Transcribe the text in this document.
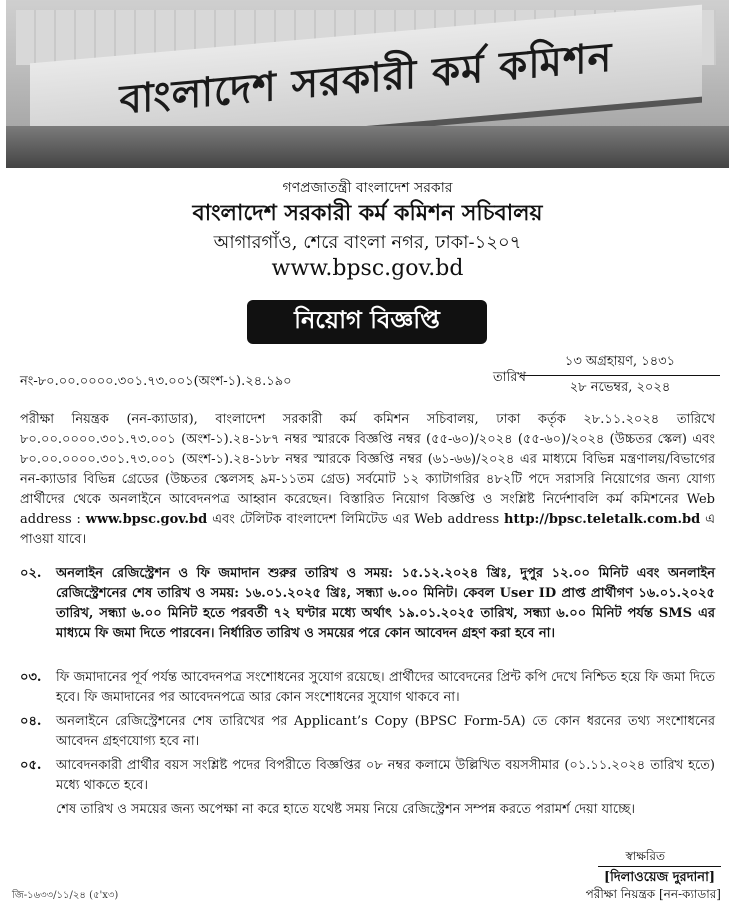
বাংলাদেশ সরকারী কর্ম কমিশন
গণপ্রজাতন্ত্রী বাংলাদেশ সরকার
বাংলাদেশ সরকারী কর্ম কমিশন সচিবালয়
আগারগাঁও, শেরে বাংলা নগর, ঢাকা-১২০৭
www.bpsc.gov.bd
নিয়োগ বিজ্ঞপ্তি
নং-৮০.০০.০০০০.৩০১.৭৩.০০১(অংশ-১).২৪.১৯০	তারিখ
১৩ অগ্রহায়ণ, ১৪৩১
২৮ নভেম্বর, ২০২৪
পরীক্ষা নিয়ন্ত্রক (নন-ক্যাডার), বাংলাদেশ সরকারী কর্ম কমিশন সচিবালয়, ঢাকা কর্তৃক ২৮.১১.২০২৪ তারিখে ৮০.০০.০০০০.৩০১.৭৩.০০১ (অংশ-১).২৪-১৮৭ নম্বর স্মারকে বিজ্ঞপ্তি নম্বর (৫৫-৬০)/২০২৪ (৫৫-৬০)/২০২৪ (উচ্চতর স্কেল) এবং ৮০.০০.০০০০.৩০১.৭৩.০০১ (অংশ-১).২৪-১৮৮ নম্বর স্মারকে বিজ্ঞপ্তি নম্বর (৬১-৬৬)/২০২৪ এর মাধ্যমে বিভিন্ন মন্ত্রণালয়/বিভাগের নন-ক্যাডার বিভিন্ন গ্রেডের (উচ্চতর স্কেলসহ ৯ম-১১তম গ্রেড) সর্বমোট ১২ ক্যাটাগরির ৪৮২টি পদে সরাসরি নিয়োগের জন্য যোগ্য প্রার্থীদের থেকে অনলাইনে আবেদনপত্র আহ্বান করেছেন। বিস্তারিত নিয়োগ বিজ্ঞপ্তি ও সংশ্লিষ্ট নির্দেশাবলি কর্ম কমিশনের Web address : www.bpsc.gov.bd এবং টেলিটক বাংলাদেশ লিমিটেড এর Web address http://bpsc.teletalk.com.bd এ পাওয়া যাবে।
০২.	অনলাইন রেজিস্ট্রেশন ও ফি জমাদান শুরুর তারিখ ও সময়: ১৫.১২.২০২৪ খ্রিঃ, দুপুর ১২.০০ মিনিট এবং অনলাইন রেজিস্ট্রেশনের শেষ তারিখ ও সময়: ১৬.০১.২০২৫ খ্রিঃ, সন্ধ্যা ৬.০০ মিনিট। কেবল User ID প্রাপ্ত প্রার্থীগণ ১৬.০১.২০২৫ তারিখ, সন্ধ্যা ৬.০০ মিনিট হতে পরবর্তী ৭২ ঘণ্টার মধ্যে অর্থাৎ ১৯.০১.২০২৫ তারিখ, সন্ধ্যা ৬.০০ মিনিট পর্যন্ত SMS এর মাধ্যমে ফি জমা দিতে পারবেন। নির্ধারিত তারিখ ও সময়ের পরে কোন আবেদন গ্রহণ করা হবে না।
০৩.	ফি জমাদানের পূর্ব পর্যন্ত আবেদনপত্র সংশোধনের সুযোগ রয়েছে। প্রার্থীদের আবেদনের প্রিন্ট কপি দেখে নিশ্চিত হয়ে ফি জমা দিতে হবে। ফি জমাদানের পর আবেদনপত্রে আর কোন সংশোধনের সুযোগ থাকবে না।
০৪.	অনলাইনে রেজিস্ট্রেশনের শেষ তারিখের পর Applicant’s Copy (BPSC Form-5A) তে কোন ধরনের তথ্য সংশোধনের আবেদন গ্রহণযোগ্য হবে না।
০৫.	আবেদনকারী প্রার্থীর বয়স সংশ্লিষ্ট পদের বিপরীতে বিজ্ঞপ্তির ০৮ নম্বর কলামে উল্লিখিত বয়সসীমার (০১.১১.২০২৪ তারিখ হতে) মধ্যে থাকতে হবে।
শেষ তারিখ ও সময়ের জন্য অপেক্ষা না করে হাতে যথেষ্ট সময় নিয়ে রেজিস্ট্রেশন সম্পন্ন করতে পরামর্শ দেয়া যাচ্ছে।
স্বাক্ষরিত
[দিলাওয়েজ দুরদানা]
পরীক্ষা নিয়ন্ত্রক [নন-ক্যাডার]
জি-১৬৩৩/১১/২৪ (৫'x৩)
